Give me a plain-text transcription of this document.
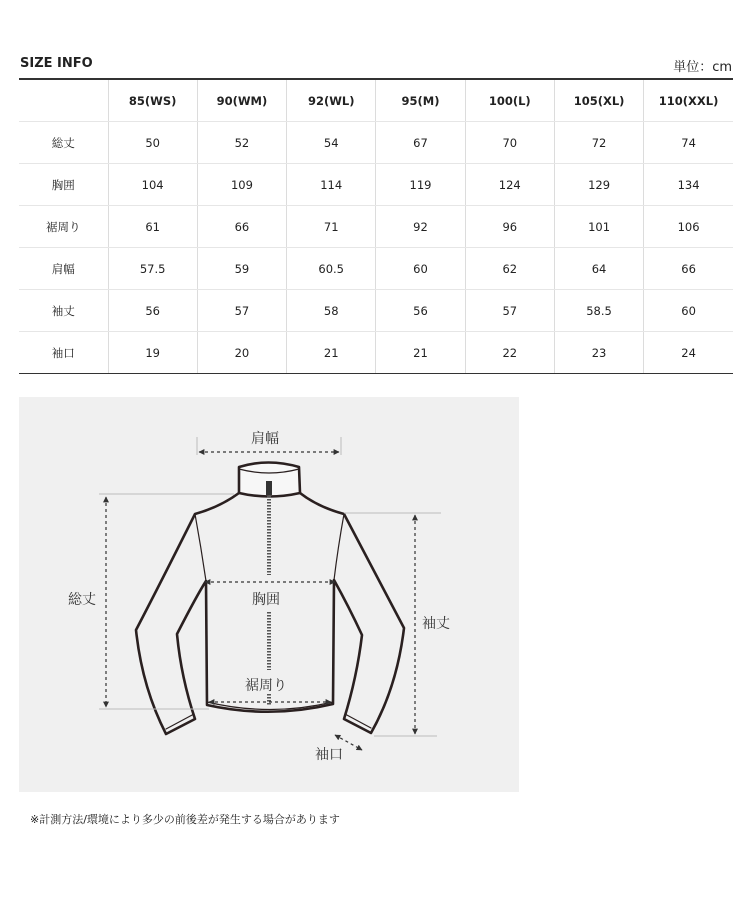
SIZE INFO	単位：cm
	85(WS)	90(WM)	92(WL)	95(M)	100(L)	105(XL)	110(XXL)
総丈	50	52	54	67	70	72	74
胸囲	104	109	114	119	124	129	134
裾周り	61	66	71	92	96	101	106
肩幅	57.5	59	60.5	60	62	64	66
袖丈	56	57	58	56	57	58.5	60
袖口	19	20	21	21	22	23	24
肩幅
総丈	胸囲
裾周り
袖丈
袖口
※計測方法/環境により多少の前後差が発生する場合があります
